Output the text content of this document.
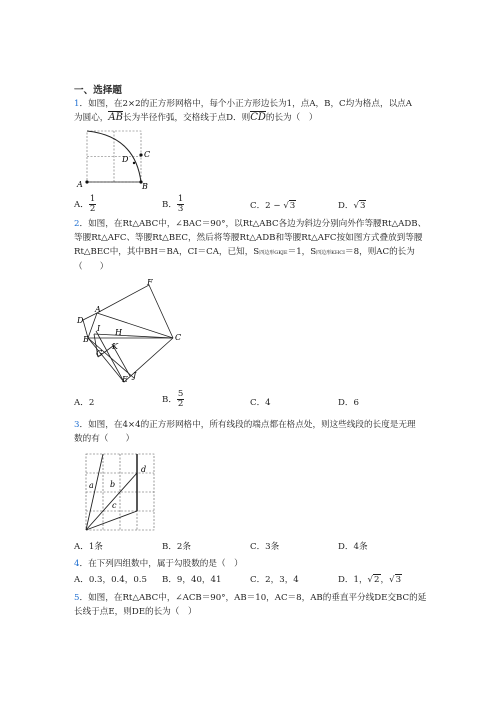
一、选择题
1．如图，在2×2的正方形网格中，每个小正方形边长为1，点A，B，C均为格点，以点A
为圆心，AB长为半径作弧，交格线于点D．则CD的长为（　）
A	B
C
D
A． $\frac{1}{2}$	B． $\frac{1}{3}$	C．2 − √3	D．√3
2．如图，在Rt△ABC中，∠BAC＝90°，以Rt△ABC各边为斜边分别向外作等腰Rt△ADB、
等腰Rt△AFC、等腰Rt△BEC，然后将等腰Rt△ADB和等腰Rt△AFC按如图方式叠放到等腰
Rt△BEC中，其中BH＝BA，CI＝CA，已知，S四边形GKJE＝1，S四边形KHCI＝8，则AC的长为
（　　）
A
D
F
C
B
I H
G
K
E J
A．2	B． $\frac{5}{2}$	C．4	D．6
3．如图，在4×4的正方形网格中，所有线段的端点都在格点处，则这些线段的长度是无理
数的有（　　）
a b
c
d
A．1条	B．2条	C．3条	D．4条
4．在下列四组数中，属于勾股数的是（　）
A．0.3，0.4，0.5 B．9，40，41	C．2，3，4	D．1，√2，√3
5．如图，在Rt△ABC中，∠ACB＝90°，AB＝10，AC＝8，AB的垂直平分线DE交BC的延
长线于点E，则DE的长为（　）
